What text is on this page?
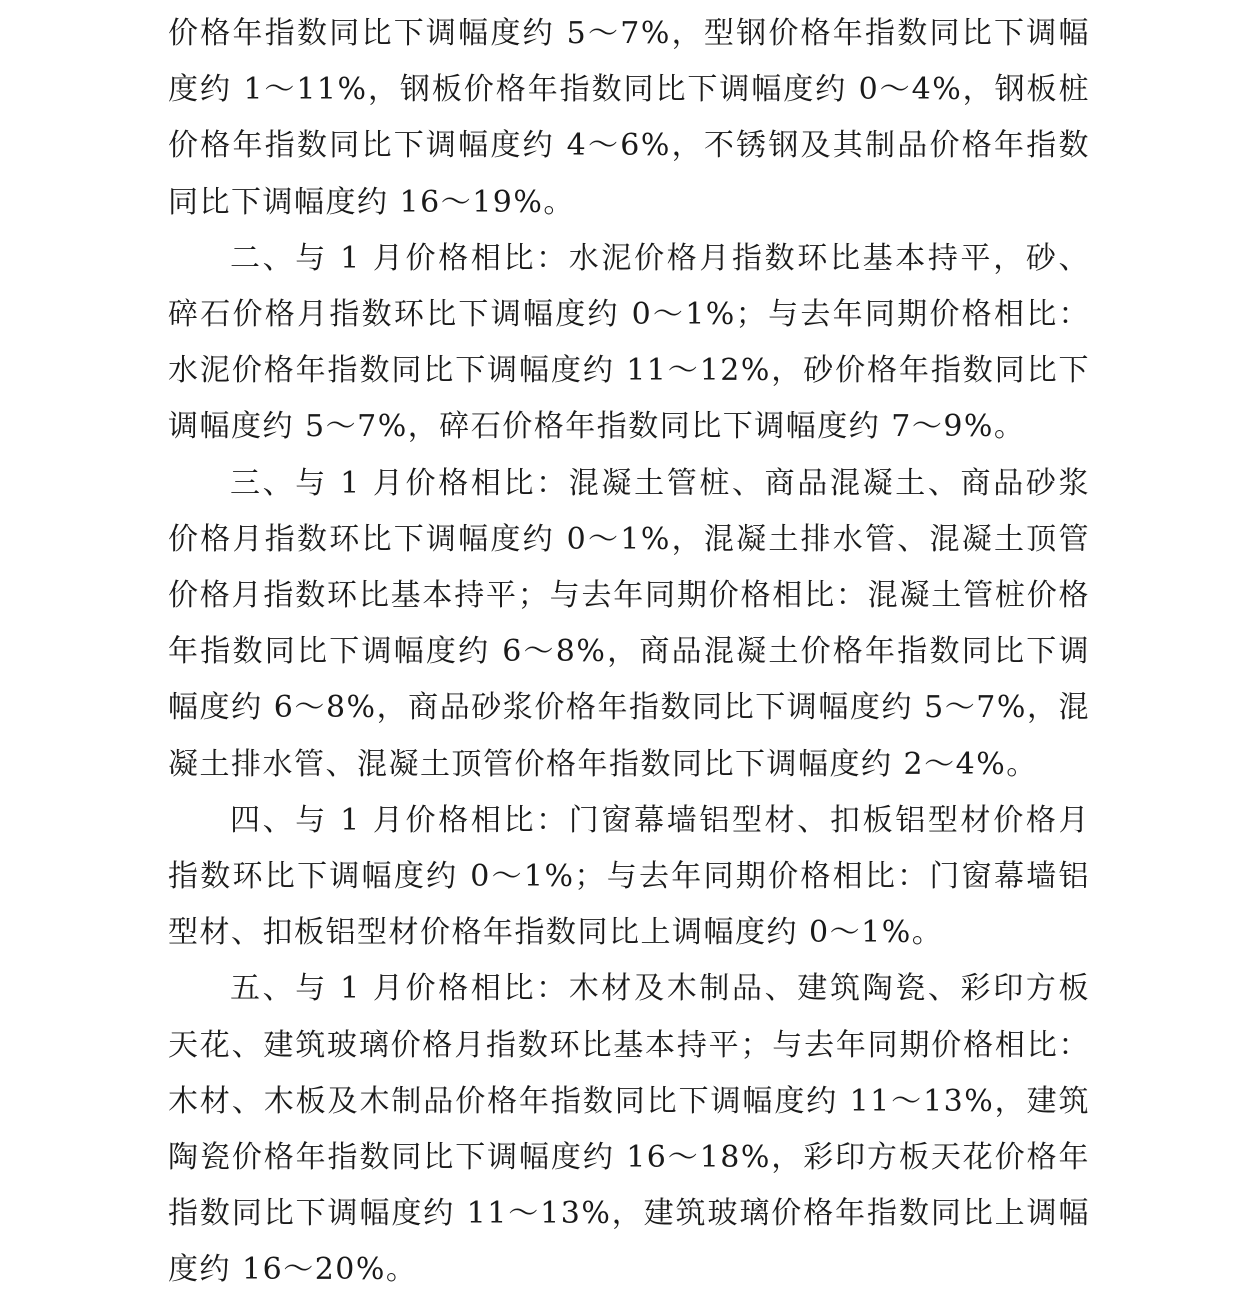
价格年指数同比下调幅度约 5～7%，型钢价格年指数同比下调幅度约 1～11%，钢板价格年指数同比下调幅度约 0～4%，钢板桩价格年指数同比下调幅度约 4～6%，不锈钢及其制品价格年指数同比下调幅度约 16～19%。

二、与 1 月价格相比：水泥价格月指数环比基本持平，砂、碎石价格月指数环比下调幅度约 0～1%；与去年同期价格相比：水泥价格年指数同比下调幅度约 11～12%，砂价格年指数同比下调幅度约 5～7%，碎石价格年指数同比下调幅度约 7～9%。

三、与 1 月价格相比：混凝土管桩、商品混凝土、商品砂浆价格月指数环比下调幅度约 0～1%，混凝土排水管、混凝土顶管价格月指数环比基本持平；与去年同期价格相比：混凝土管桩价格年指数同比下调幅度约 6～8%，商品混凝土价格年指数同比下调幅度约 6～8%，商品砂浆价格年指数同比下调幅度约 5～7%，混凝土排水管、混凝土顶管价格年指数同比下调幅度约 2～4%。

四、与 1 月价格相比：门窗幕墙铝型材、扣板铝型材价格月指数环比下调幅度约 0～1%；与去年同期价格相比：门窗幕墙铝型材、扣板铝型材价格年指数同比上调幅度约 0～1%。

五、与 1 月价格相比：木材及木制品、建筑陶瓷、彩印方板天花、建筑玻璃价格月指数环比基本持平；与去年同期价格相比：木材、木板及木制品价格年指数同比下调幅度约 11～13%，建筑陶瓷价格年指数同比下调幅度约 16～18%，彩印方板天花价格年指数同比下调幅度约 11～13%，建筑玻璃价格年指数同比上调幅度约 16～20%。
